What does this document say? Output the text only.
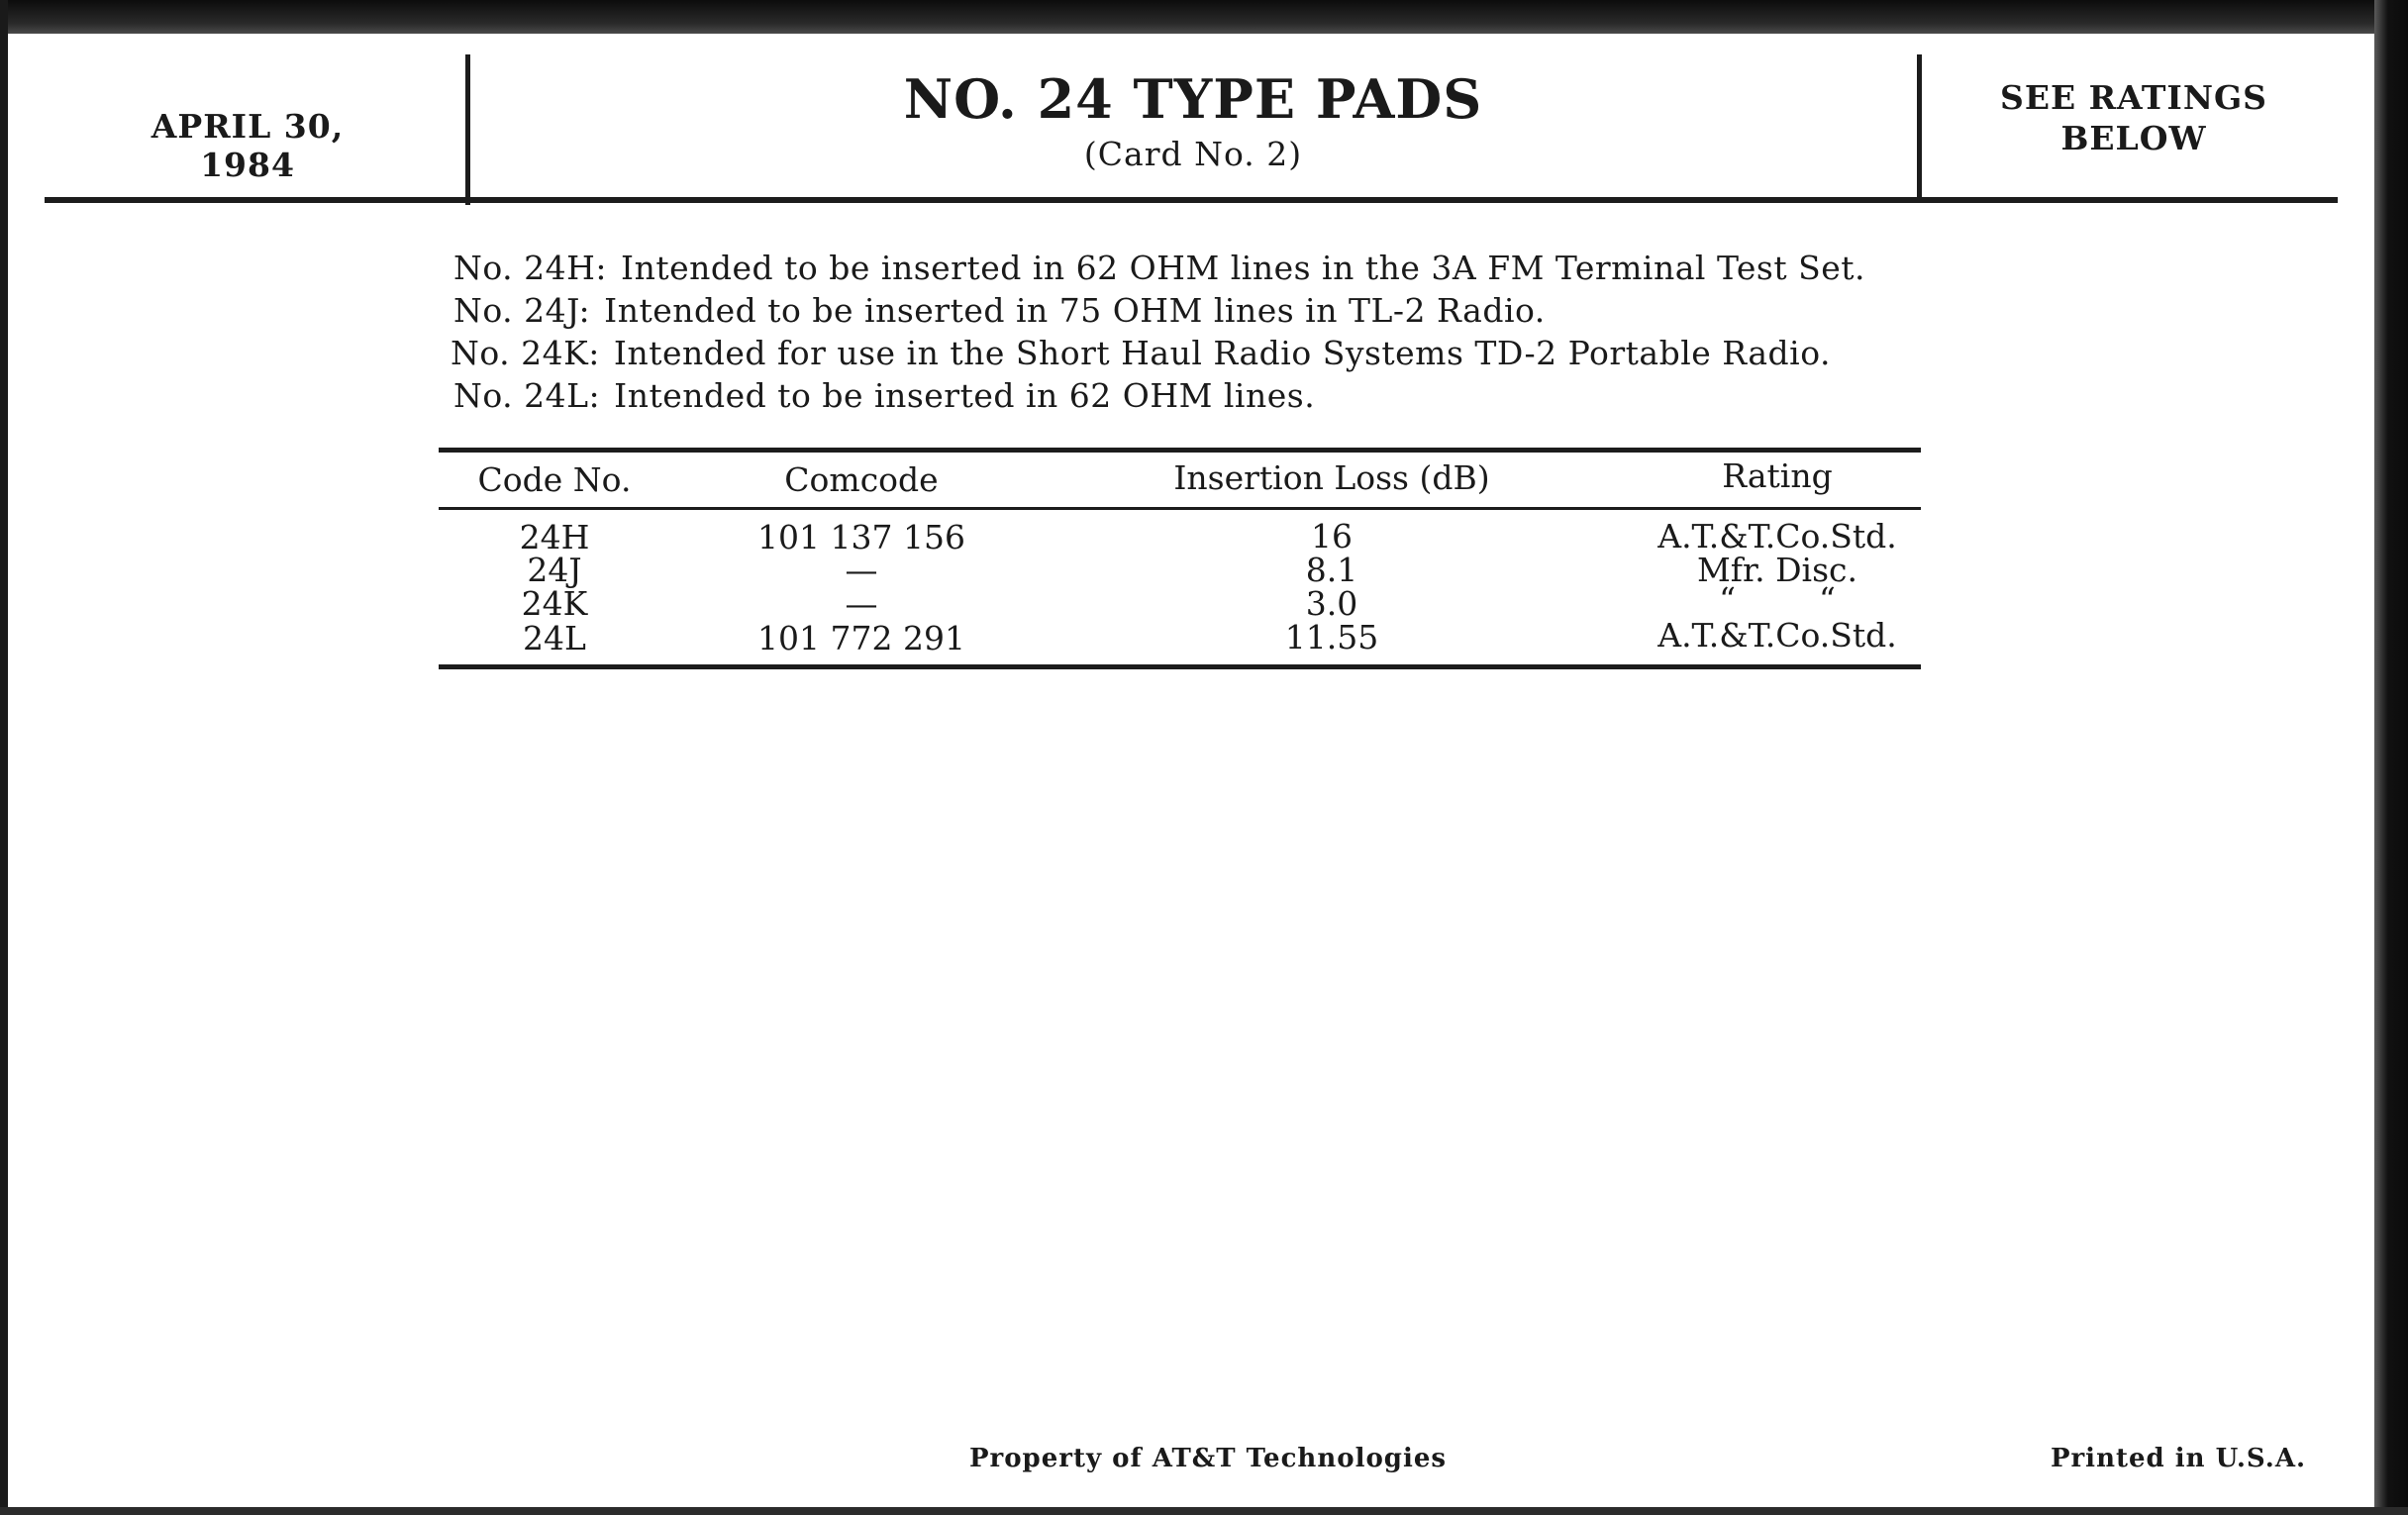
APRIL 30, 1984
NO. 24 TYPE PADS
(Card No. 2)
SEE RATINGS
BELOW
No. 24H: Intended to be inserted in 62 OHM lines in the 3A FM Terminal Test Set.
No. 24J: Intended to be inserted in 75 OHM lines in TL-2 Radio.
No. 24K: Intended for use in the Short Haul Radio Systems TD-2 Portable Radio.
No. 24L: Intended to be inserted in 62 OHM lines.
Code No.	Comcode	Insertion Loss (dB)	Rating
24H	101 137 156	16	A.T.&T.Co.Std.
24J	—	8.1	Mfr. Disc.
24K	—	3.0	“        “
24L	101 772 291	11.55	A.T.&T.Co.Std.
Property of AT&T Technologies	Printed in U.S.A.
